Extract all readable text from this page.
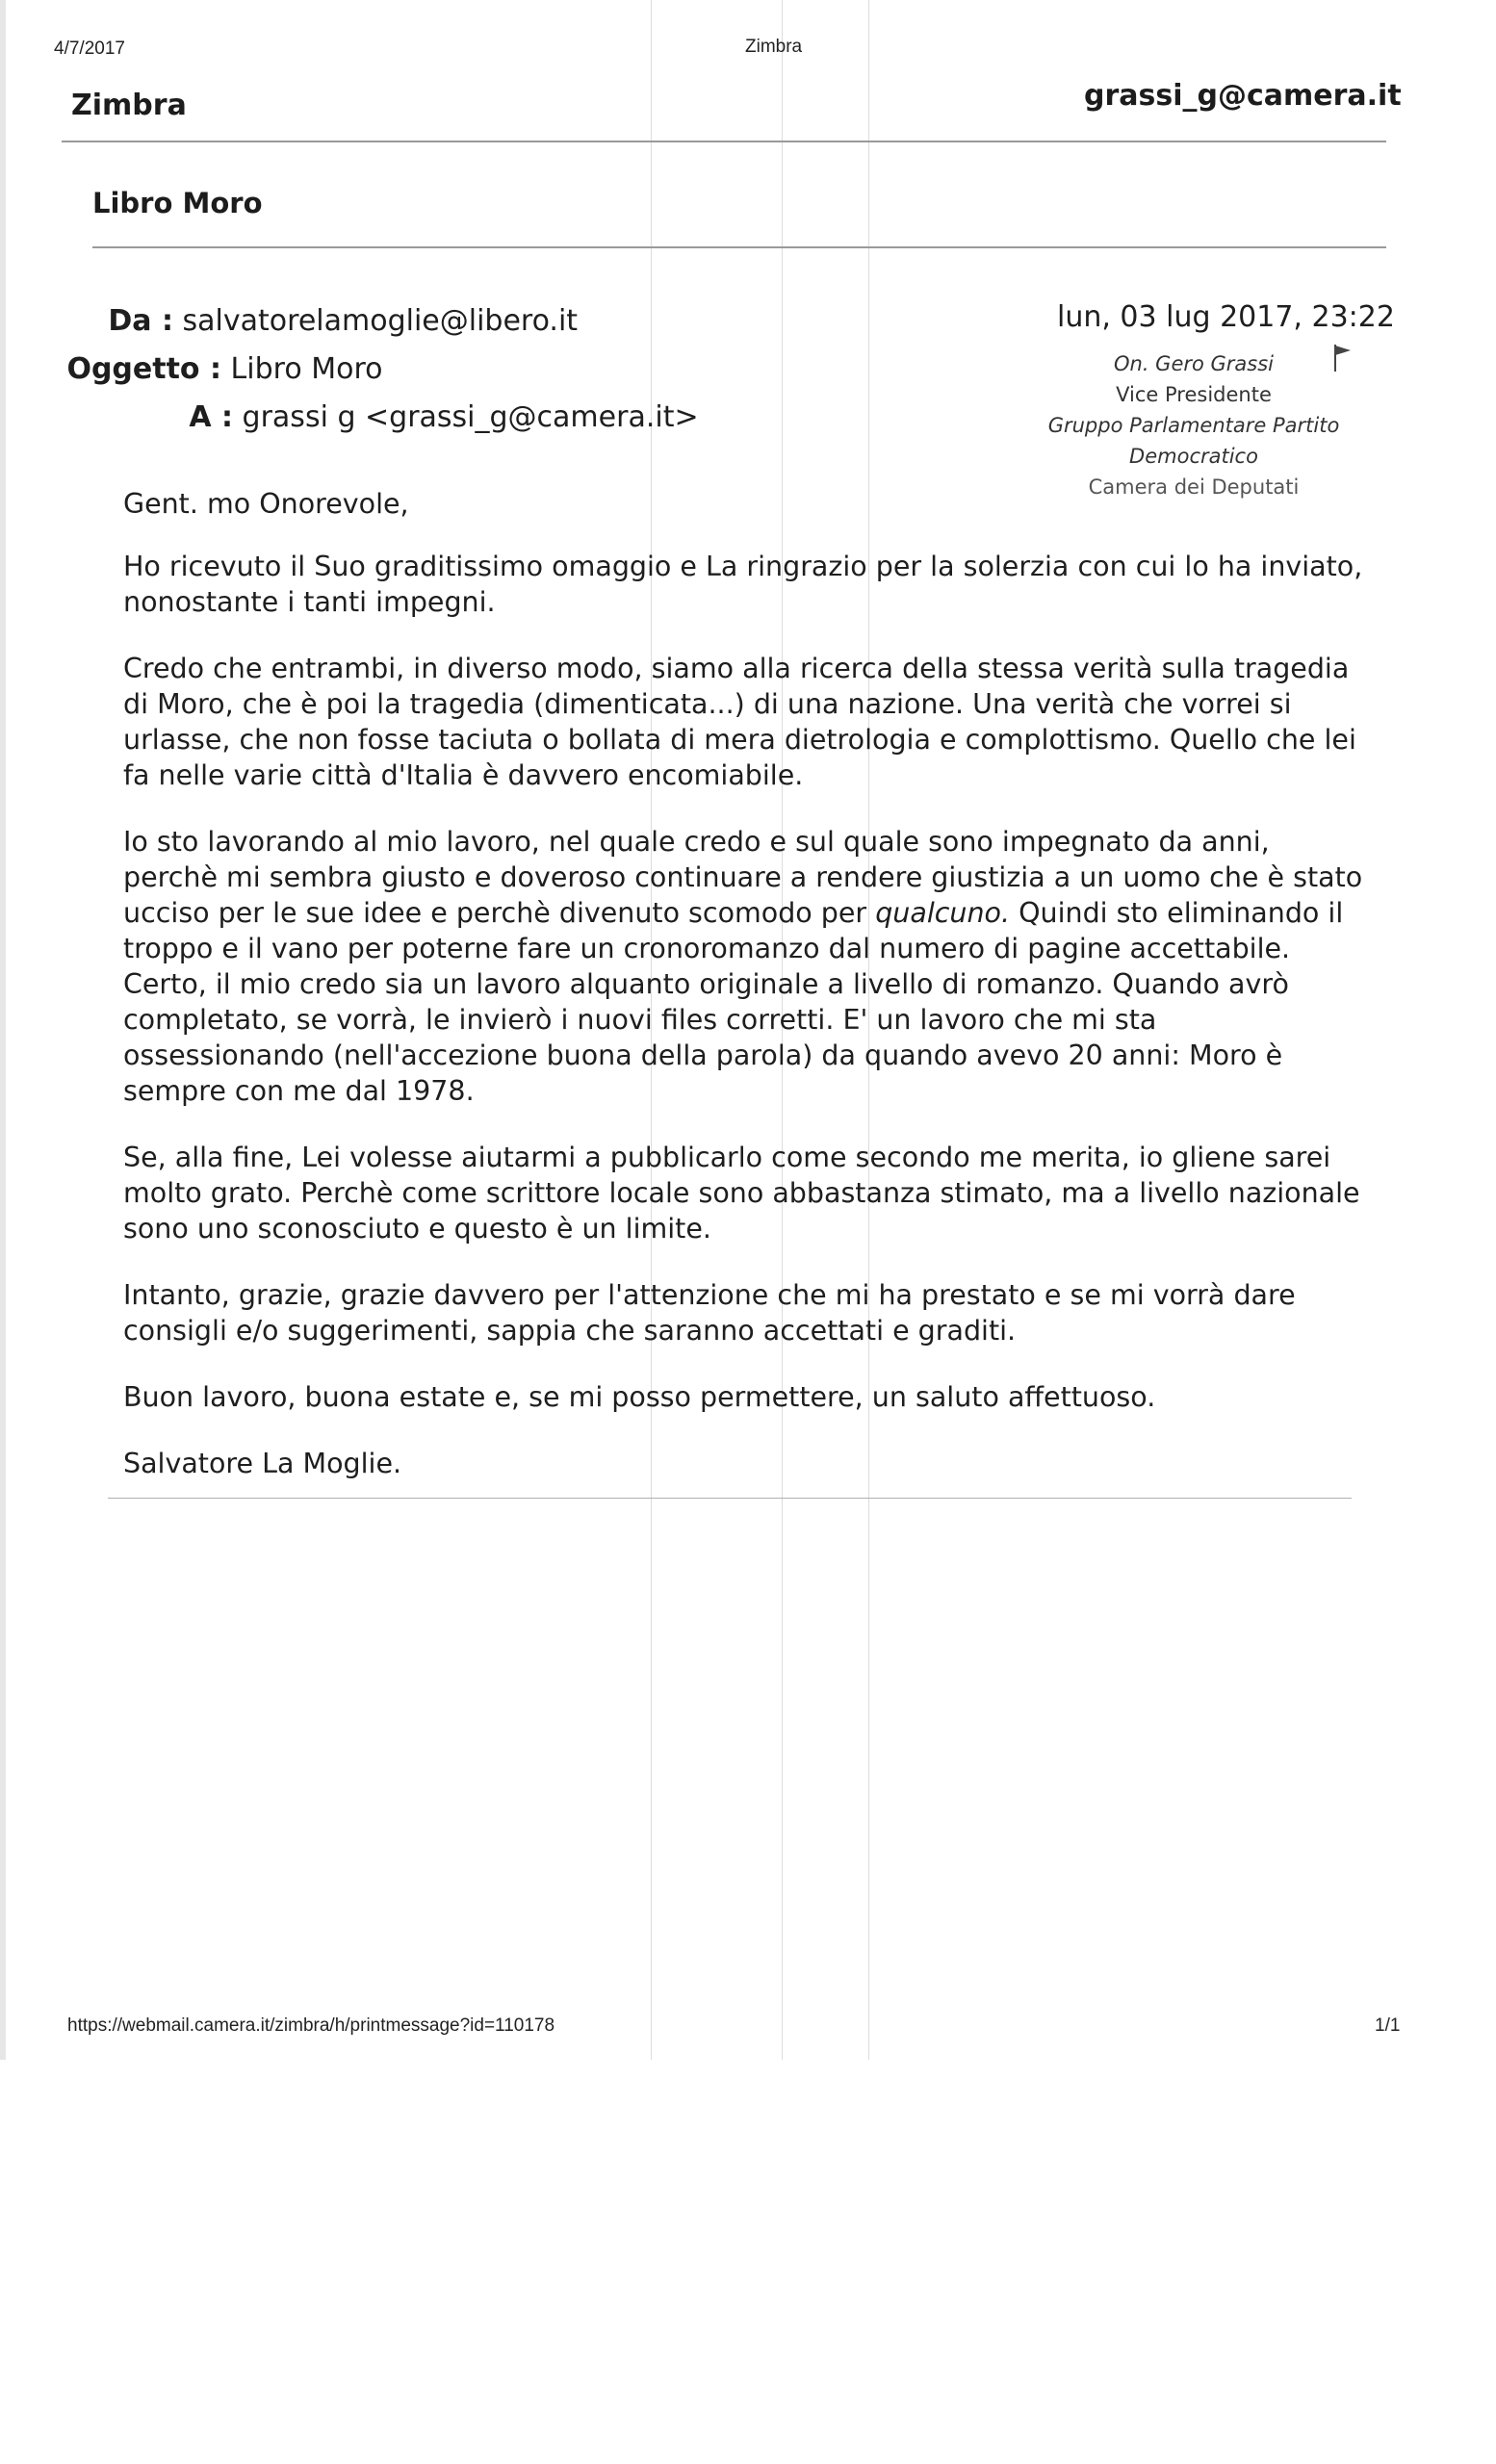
4/7/2017	Zimbra
Zimbra	grassi_g@camera.it
Libro Moro
Da : salvatorelamoglie@libero.it
Oggetto : Libro Moro
A : grassi g <grassi_g@camera.it>
lun, 03 lug 2017, 23:22
On. Gero Grassi
Vice Presidente
Gruppo Parlamentare Partito Democratico
Camera dei Deputati

Gent. mo Onorevole,

Ho ricevuto il Suo graditissimo omaggio e La ringrazio per la solerzia con cui lo ha inviato, nonostante i tanti impegni.

Credo che entrambi, in diverso modo, siamo alla ricerca della stessa verità sulla tragedia di Moro, che è poi la tragedia (dimenticata...) di una nazione. Una verità che vorrei si urlasse, che non fosse taciuta o bollata di mera dietrologia e complottismo. Quello che lei fa nelle varie città d'Italia è davvero encomiabile.

Io sto lavorando al mio lavoro, nel quale credo e sul quale sono impegnato da anni, perchè mi sembra giusto e doveroso continuare a rendere giustizia a un uomo che è stato ucciso per le sue idee e perchè divenuto scomodo per qualcuno. Quindi sto eliminando il troppo e il vano per poterne fare un cronoromanzo dal numero di pagine accettabile. Certo, il mio credo sia un lavoro alquanto originale a livello di romanzo. Quando avrò completato, se vorrà, le invierò i nuovi files corretti. E' un lavoro che mi sta ossessionando (nell'accezione buona della parola) da quando avevo 20 anni: Moro è sempre con me dal 1978.

Se, alla fine, Lei volesse aiutarmi a pubblicarlo come secondo me merita, io gliene sarei molto grato. Perchè come scrittore locale sono abbastanza stimato, ma a livello nazionale sono uno sconosciuto e questo è un limite.

Intanto, grazie, grazie davvero per l'attenzione che mi ha prestato e se mi vorrà dare consigli e/o suggerimenti, sappia che saranno accettati e graditi.

Buon lavoro, buona estate e, se mi posso permettere, un saluto affettuoso.

Salvatore La Moglie.

https://webmail.camera.it/zimbra/h/printmessage?id=110178	1/1
